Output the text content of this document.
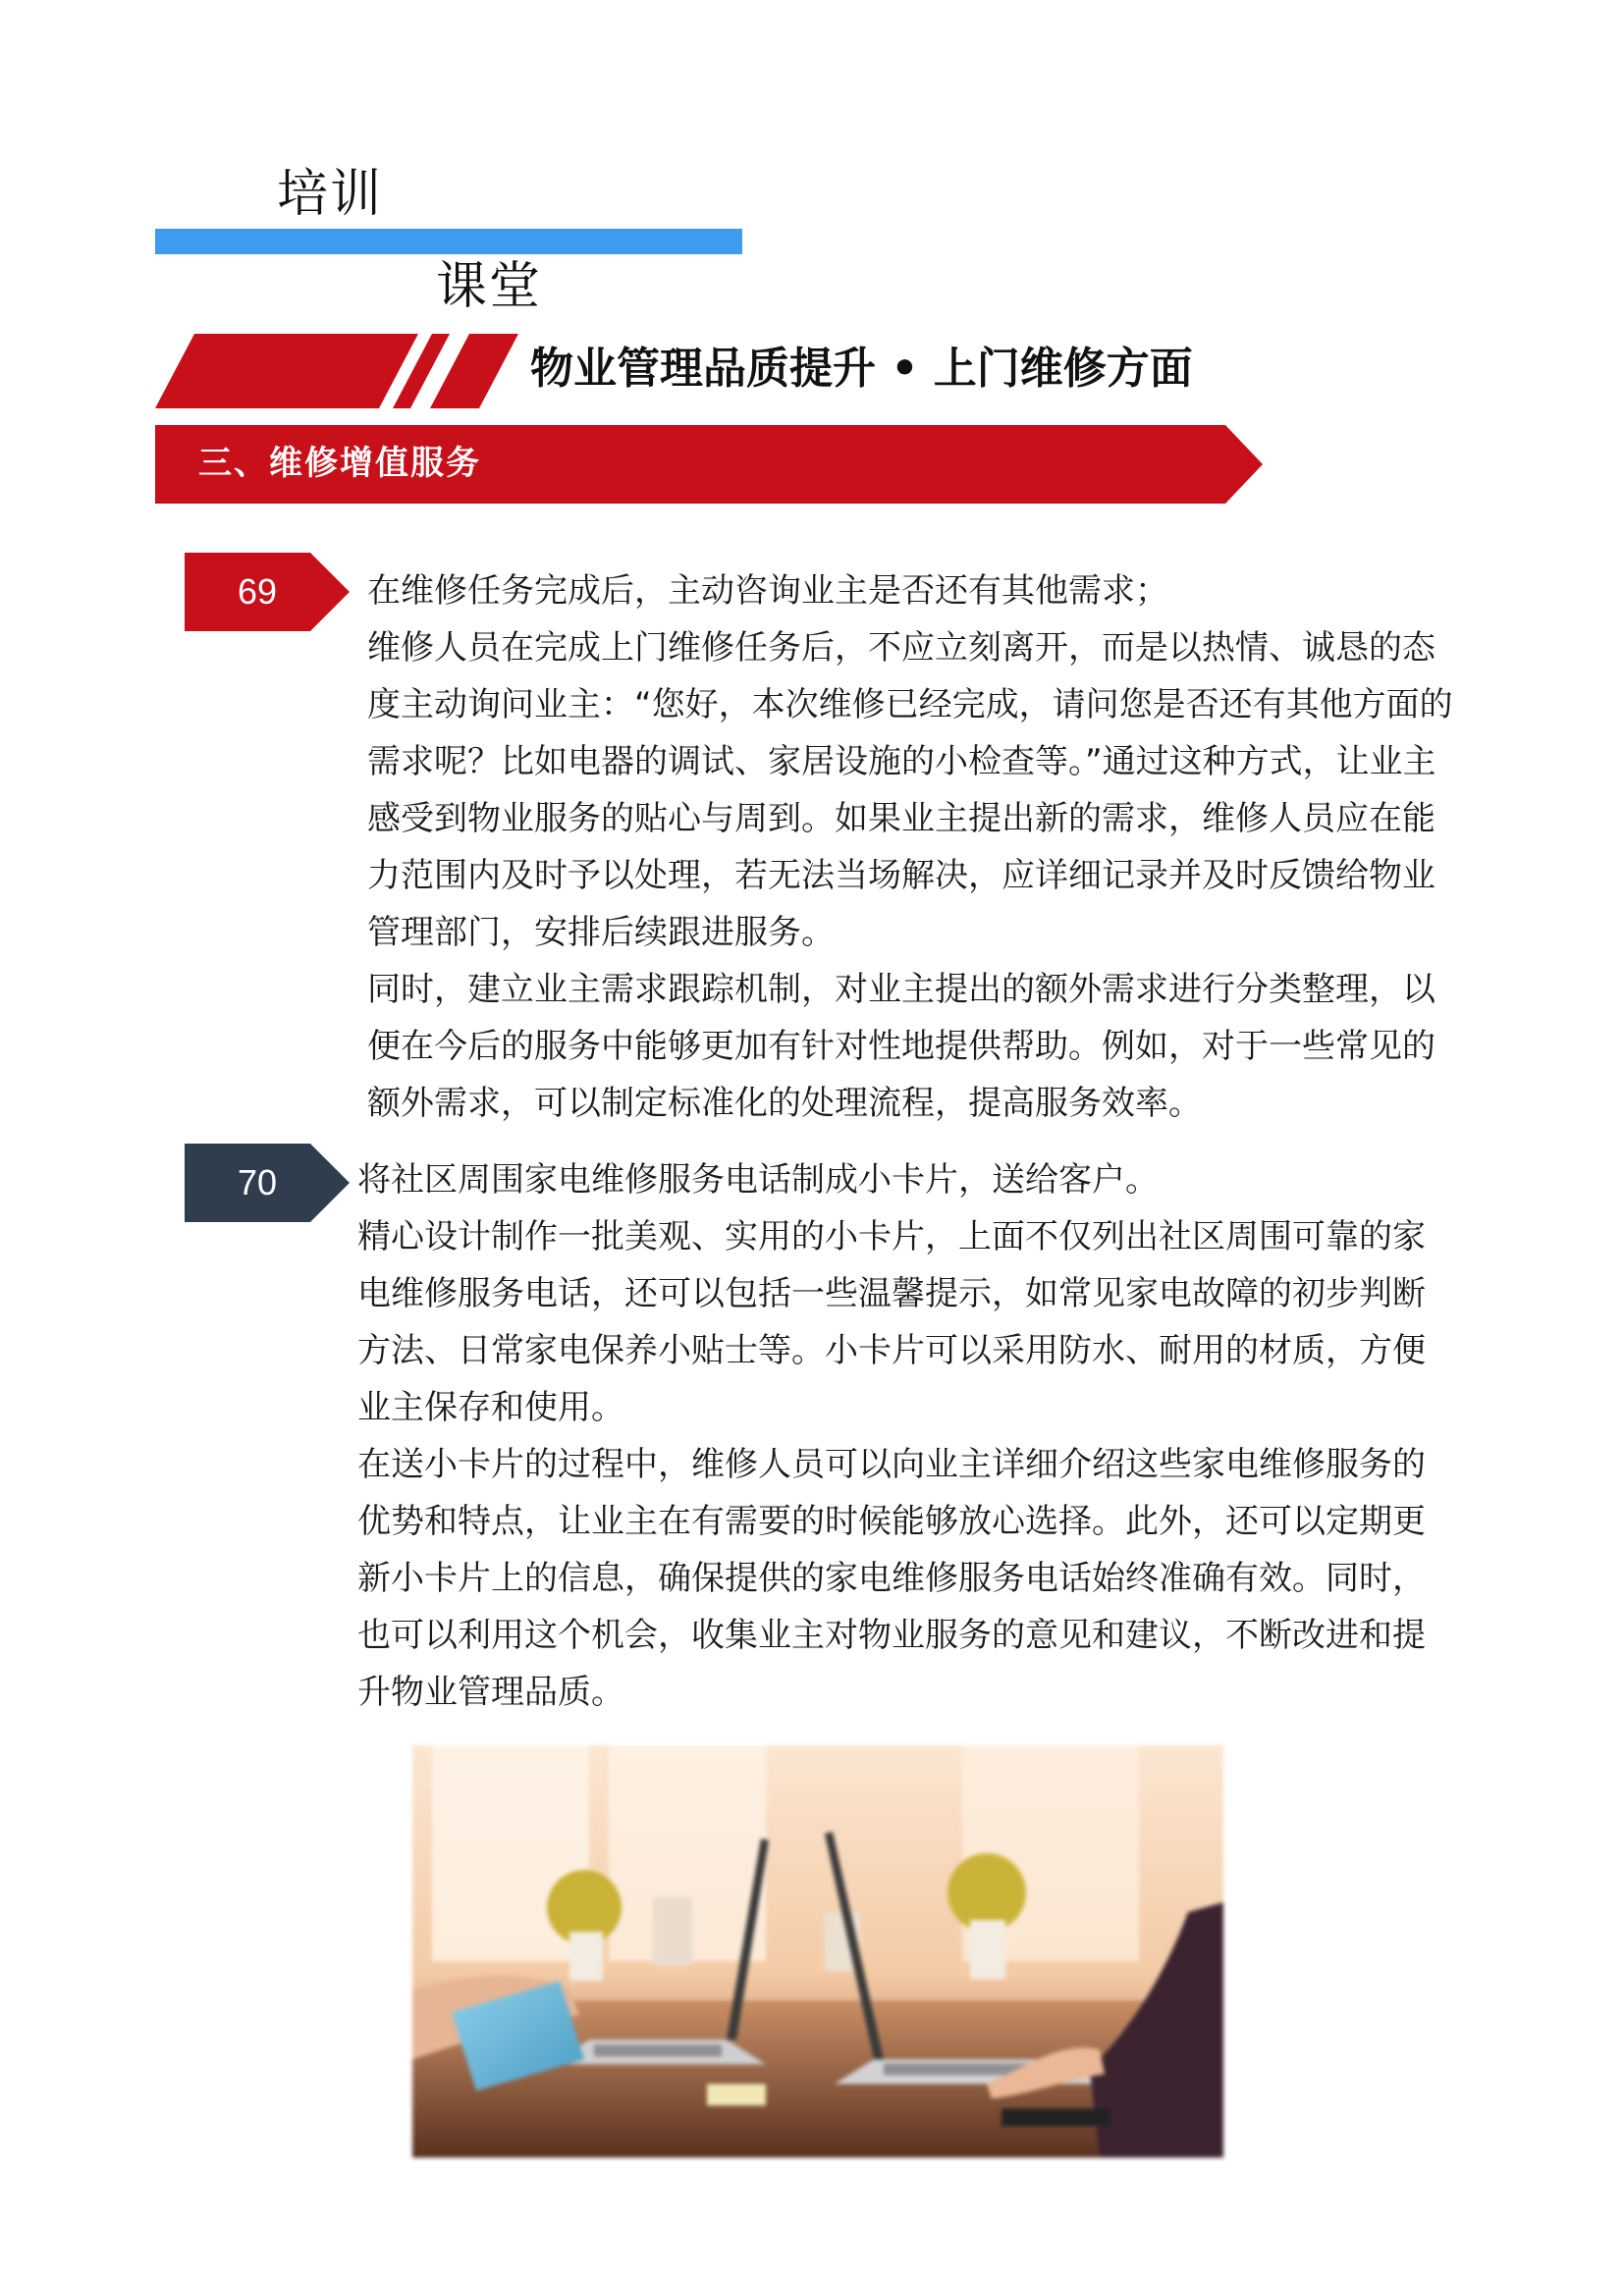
培训
课堂
物业管理品质提升 • 上门维修方面
三、维修增值服务
69	在维修任务完成后，主动咨询业主是否还有其他需求；

维修人员在完成上门维修任务后，不应立刻离开，而是以热情、诚恳的态度主动询问业主：“您好，本次维修已经完成，请问您是否还有其他方面的需求呢？比如电器的调试、家居设施的小检查等。”通过这种方式，让业主感受到物业服务的贴心与周到。如果业主提出新的需求，维修人员应在能力范围内及时予以处理，若无法当场解决，应详细记录并及时反馈给物业管理部门，安排后续跟进服务。

同时，建立业主需求跟踪机制，对业主提出的额外需求进行分类整理，以便在今后的服务中能够更加有针对性地提供帮助。例如，对于一些常见的额外需求，可以制定标准化的处理流程，提高服务效率。

70	将社区周围家电维修服务电话制成小卡片，送给客户。

精心设计制作一批美观、实用的小卡片，上面不仅列出社区周围可靠的家电维修服务电话，还可以包括一些温馨提示，如常见家电故障的初步判断方法、日常家电保养小贴士等。小卡片可以采用防水、耐用的材质，方便业主保存和使用。

在送小卡片的过程中，维修人员可以向业主详细介绍这些家电维修服务的优势和特点，让业主在有需要的时候能够放心选择。此外，还可以定期更新小卡片上的信息，确保提供的家电维修服务电话始终准确有效。同时，也可以利用这个机会，收集业主对物业服务的意见和建议，不断改进和提升物业管理品质。
